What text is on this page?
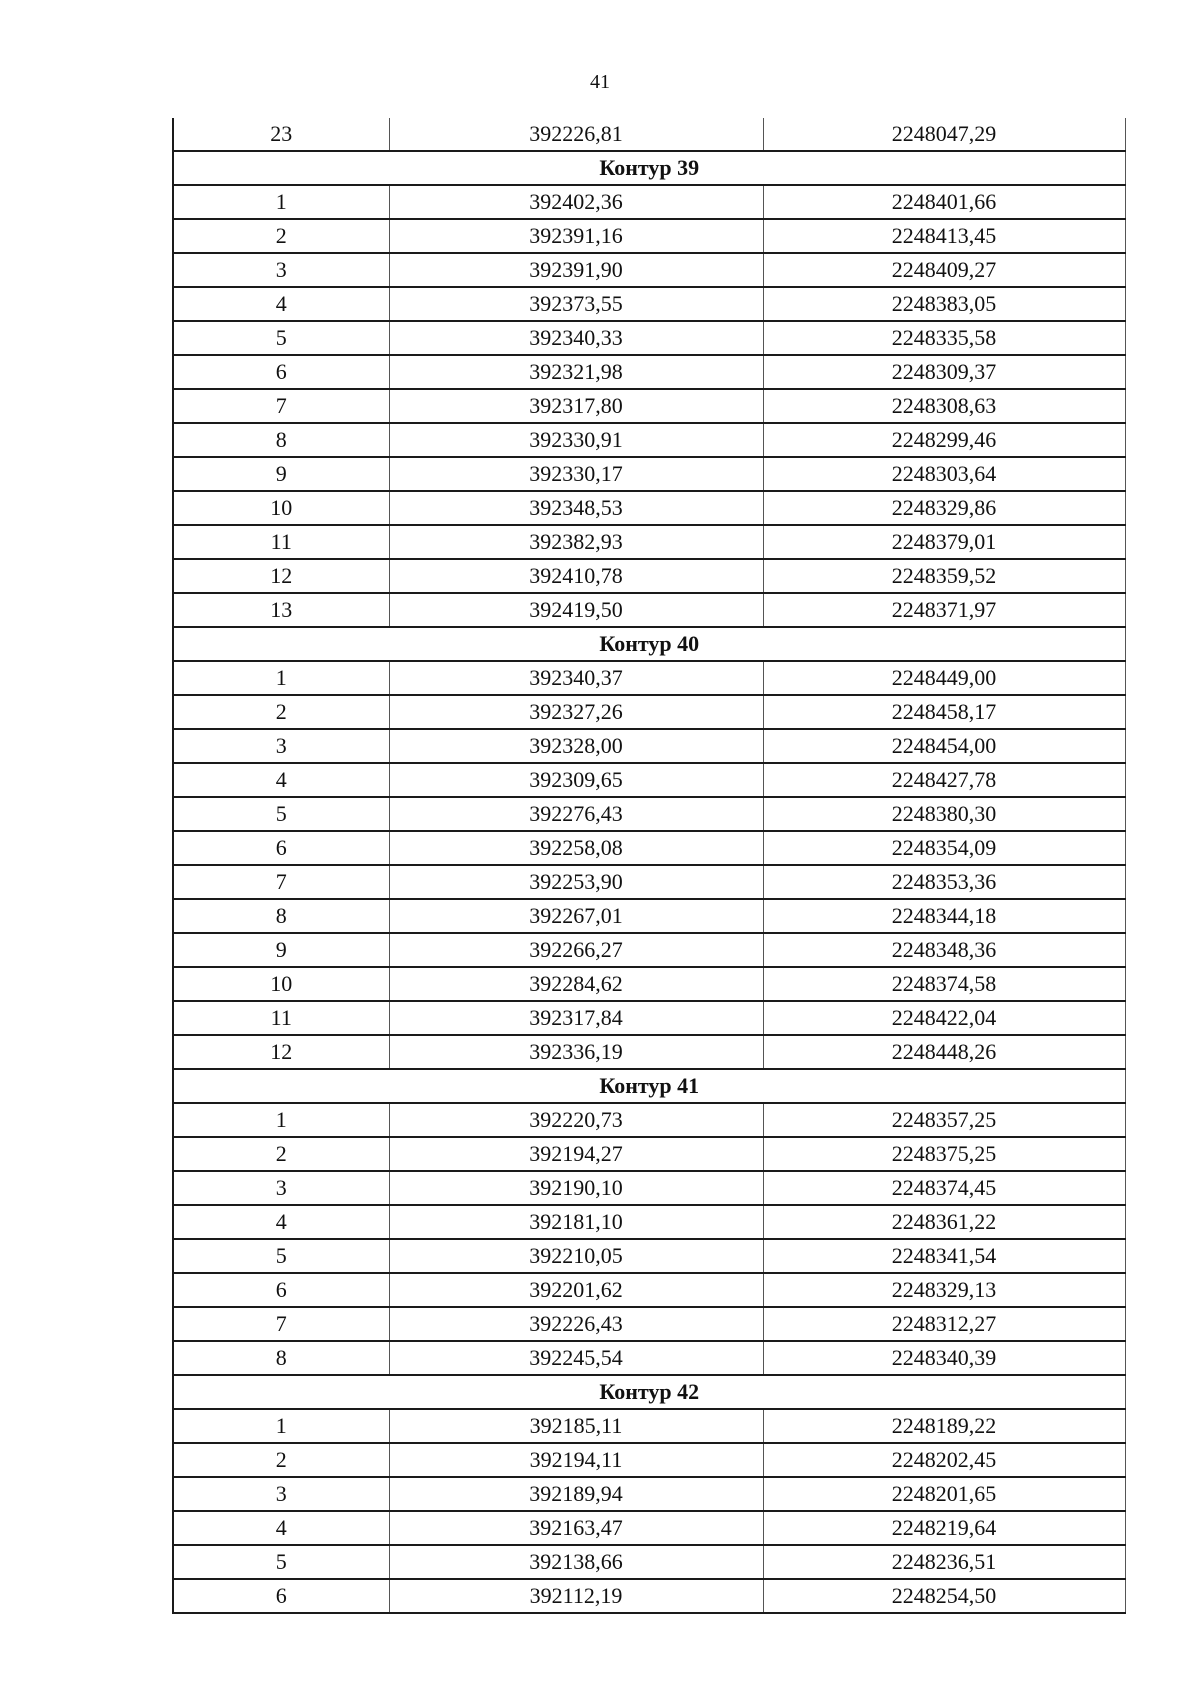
41
23	392226,81	2248047,29
Контур 39		
1	392402,36	2248401,66
2	392391,16	2248413,45
3	392391,90	2248409,27
4	392373,55	2248383,05
5	392340,33	2248335,58
6	392321,98	2248309,37
7	392317,80	2248308,63
8	392330,91	2248299,46
9	392330,17	2248303,64
10	392348,53	2248329,86
11	392382,93	2248379,01
12	392410,78	2248359,52
13	392419,50	2248371,97
Контур 40		
1	392340,37	2248449,00
2	392327,26	2248458,17
3	392328,00	2248454,00
4	392309,65	2248427,78
5	392276,43	2248380,30
6	392258,08	2248354,09
7	392253,90	2248353,36
8	392267,01	2248344,18
9	392266,27	2248348,36
10	392284,62	2248374,58
11	392317,84	2248422,04
12	392336,19	2248448,26
Контур 41		
1	392220,73	2248357,25
2	392194,27	2248375,25
3	392190,10	2248374,45
4	392181,10	2248361,22
5	392210,05	2248341,54
6	392201,62	2248329,13
7	392226,43	2248312,27
8	392245,54	2248340,39
Контур 42		
1	392185,11	2248189,22
2	392194,11	2248202,45
3	392189,94	2248201,65
4	392163,47	2248219,64
5	392138,66	2248236,51
6	392112,19	2248254,50
